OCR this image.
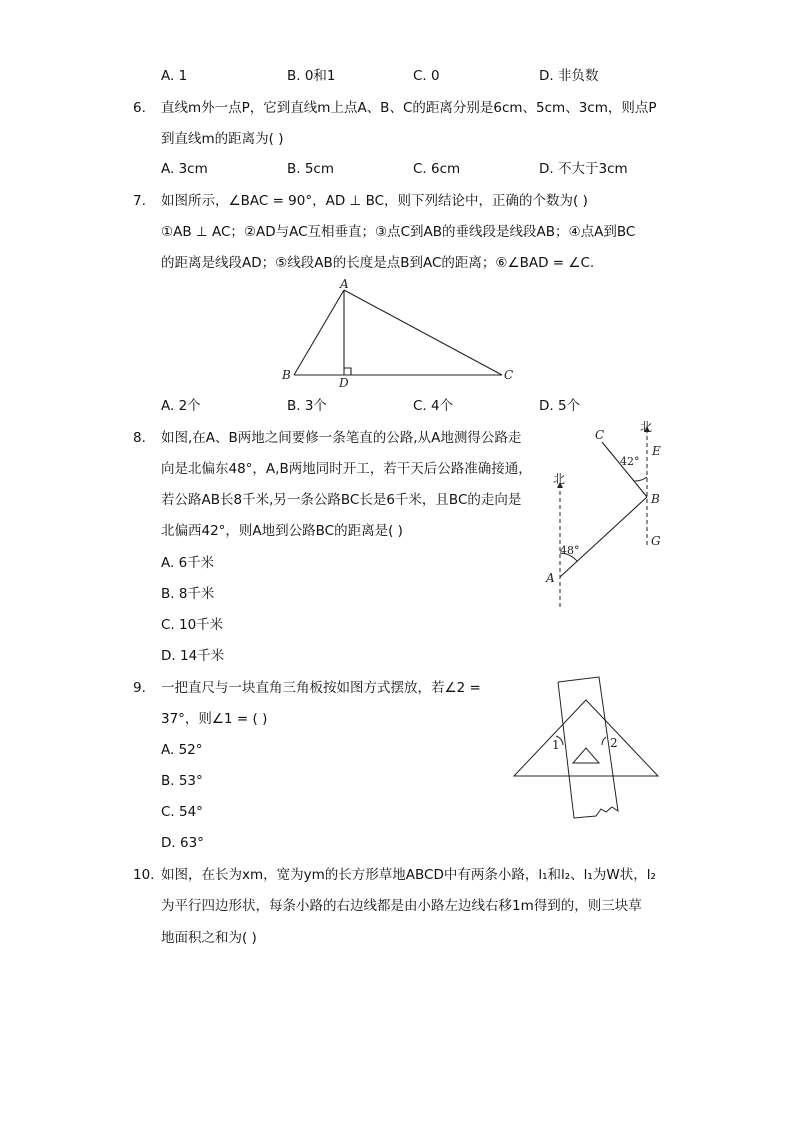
A. 1	B. 0和1	C. 0	D. 非负数
6. 直线m外一点P，它到直线m上点A、B、C的距离分别是6cm、5cm、3cm，则点P
到直线m的距离为( )
A. 3cm	B. 5cm	C. 6cm	D. 不大于3cm
7. 如图所示，∠BAC = 90°，AD ⊥ BC，则下列结论中，正确的个数为( )
①AB ⊥ AC；②AD与AC互相垂直；③点C到AB的垂线段是线段AB；④点A到BC
的距离是线段AD；⑤线段AB的长度是点B到AC的距离；⑥∠BAD = ∠C.
A
B	C
D
A. 2个	B. 3个	C. 4个	D. 5个
8. 如图,在A、B两地之间要修一条笔直的公路,从A地测得公路走
向是北偏东48°，A,B两地同时开工，若干天后公路准确接通，
若公路AB长8千米,另一条公路BC长是6千米，且BC的走向是
北偏西42°，则A地到公路BC的距离是( )
A. 6千米
B. 8千米
C. 10千米
D. 14千米
北
北
C
E
B
G
A
42°
48°
9. 一把直尺与一块直角三角板按如图方式摆放，若∠2 =
37°，则∠1 = ( )
A. 52°
B. 53°
C. 54°
D. 63°
1	2
10. 如图，在长为xm，宽为ym的长方形草地ABCD中有两条小路，l₁和l₂、l₁为W状，l₂
为平行四边形状，每条小路的右边线都是由小路左边线右移1m得到的，则三块草
地面积之和为( )
